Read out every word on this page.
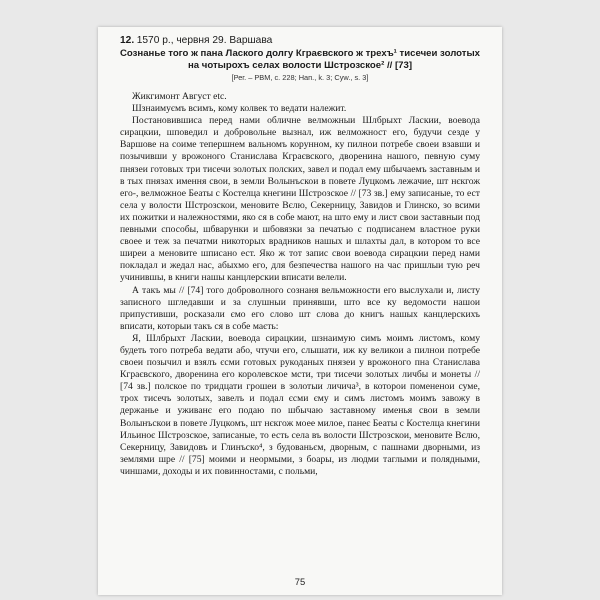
12. 1570 р., червня 29. Варшава

Сознанье того ж пана Лаского долгу Кграєвского ж трехъ¹ тисечеи золотых на чотырохъ селах волости Шстрозское² // [73]

[Рег. – РВМ, с. 228; Нап., k. 3; Cyw., s. 3]

Жикгимонт Август etc.

Шзнаимуємъ всимъ, кому колвек то ведати належит.

Постановившиса перед нами обличне велможныи Шлбрыхт Ласкии, воевода сирацкии, шповедил и добровольне вызнал, иж велможност его, будучи сезде у Варшове на соиме тепершнем вальномъ корунном, ку пилнои потребе своеи взавши и позычивши у врожоного Станислава Кграєвского, дворенина нашого, певную суму пнязеи готовых три тисечи золотых полских, завел и подал ему шбычаемъ заставным и в тых пнязах имення свои, в земли Волынъскои в повете Луцкомъ лежачие, шт нєкгож его-, велможное Беаты с Костелца кнегини Шстрозское // [73 зв.] ему записаные, то ест села у волости Шстрозскои, меновите Вєлю, Секерницу, Завидов и Глинско, зо всими их пожитки и належностями, яко ся в собе мают, на што ему и лист свои заставныи под певными способы, шбварунки и шбовязки за печатью с подписанем властное руки своее и теж за печатми никоторых врадников нашых и шлахты дал, в котором то все ширеи а меновите шписано ест. Яко ж тот запис свои воевода сирацкии перед нами покладал и жедал нас, абыхмо его, для безпечества нашого на час пришлыи тую реч учинившы, в книги нашы канцлерскии вписати велели.

А такъ мы // [74] того доброволного сознаня вельможности его выслухали и, листу записного шгледавши и за слушныи принявши, што все ку ведомости нашои припустивши, росказали ємо его слово шт слова до книгъ нашых канцлерскихъ вписати, которыи такъ ся в собе маєть:

Я, Шлбрыхт Ласкии, воевода сирацкии, шзнаимую симъ моимъ листомъ, кому будеть того потреба ведати або, чтучи его, слышати, иж ку великои а пилнои потребе своеи позычил и взялъ єсми готовых рукоданых пнязеи у врожоного пна Станислава Кграєвского, дворенина его королевское мсти, три тисечи золотых личбы и монеты // [74 зв.] полское по тридцати грошеи в золотыи личича³, в которои помененои суме, трох тисечъ золотых, завелъ и подал єсми єму и симъ листомъ моимъ завожу в держанье и уживанє его подаю по шбычаю заставному именья свои в земли Волынъскои в повете Луцкомъ, шт нєкгож моее милое, панеє Беаты с Костелца кнегини Ильиноє Шстрозское, записаные, то есть села въ волости Шстрозскои, меновите Вєлю, Секерницу, Завидовъ и Глинъско⁴, з будованьєм, дворным, с пашнами дворными, из землями шре // [75] моими и неормыми, з боары, из людми таглыми и полядными, чиншами, доходы и их повинностами, с польми,

75
